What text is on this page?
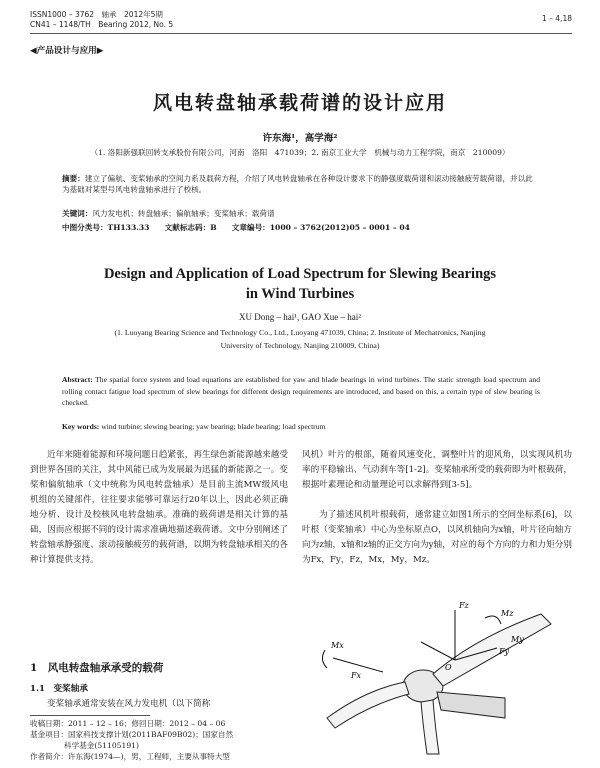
ISSN1000 – 3762　轴承　2012年5期
CN41 – 1148/TH　Bearing 2012, No. 5
1 – 4,18
◀产品设计与应用▶
风电转盘轴承载荷谱的设计应用
许东海¹，高学海²
（1. 洛阳新强联回转支承股份有限公司，河南　洛阳　471039；2. 南京工业大学　机械与动力工程学院，南京　210009）
摘要：建立了偏航、变桨轴承的空间力系及载荷方程，介绍了风电转盘轴承在各种设计要求下的静强度载荷谱和滚动接触疲劳载荷谱，并以此为基础对某型号风电转盘轴承进行了校核。
关键词：风力发电机；转盘轴承；偏航轴承；变桨轴承；载荷谱
中图分类号：TH133.33　　文献标志码：B　　文章编号：1000 – 3762(2012)05 – 0001 – 04
Design and Application of Load Spectrum for Slewing Bearings
in Wind Turbines
XU Dong – hai¹, GAO Xue – hai²
(1. Luoyang Bearing Science and Technology Co., Ltd., Luoyang 471039, China; 2. Institute of Mechatronics, Nanjing
University of Technology, Nanjing 210009, China)
Abstract: The spatial force system and load equations are established for yaw and blade bearings in wind turbines. The static strength load spectrum and rolling contact fatigue load spectrum of slew bearings for different design requirements are introduced, and based on this, a certain type of slew bearing is checked.
Key words: wind turbine; slewing bearing; yaw bearing; blade bearing; load spectrum
近年来随着能源和环境问题日趋紧张，再生绿色新能源越来越受到世界各国的关注，其中风能已成为发展最为迅猛的新能源之一。变桨和偏航轴承（文中统称为风电转盘轴承）是目前主流MW级风电机组的关键部件，往往要求能够可靠运行20年以上，因此必须正确地分析、设计及校核风电转盘轴承。准确的载荷谱是相关计算的基础，因而应根据不同的设计需求准确地描述载荷谱。文中分别阐述了转盘轴承静强度、滚动接触疲劳的载荷谱，以期为转盘轴承相关的各种计算提供支持。
1　风电转盘轴承承受的载荷
1.1　变桨轴承
变桨轴承通常安装在风力发电机（以下简称
收稿日期：2011 – 12 – 16；修回日期：2012 – 04 – 06
基金项目：国家科技支撑计划(2011BAF09B02)；国家自然
科学基金(51105191)
作者简介：许东海(1974—)，男，工程师，主要从事特大型
风机）叶片的根部，随着风速变化，调整叶片的迎风角，以实现风机功率的平稳输出、气动刹车等[1-2]。变桨轴承所受的载荷即为叶根载荷，根据叶素理论和动量理论可以求解得到[3-5]。
为了描述风机叶根载荷，通常建立如图1所示的空间坐标系[6]，以叶根（变桨轴承）中心为坐标原点O，以风机轴向为x轴，叶片径向轴方向为z轴，x轴和z轴的正交方向为y轴，对应的每个方向的力和力矩分别为Fx，Fy，Fz，Mx，My，Mz。
Mx
Fx
Fz
Mz
Fy
My
O
